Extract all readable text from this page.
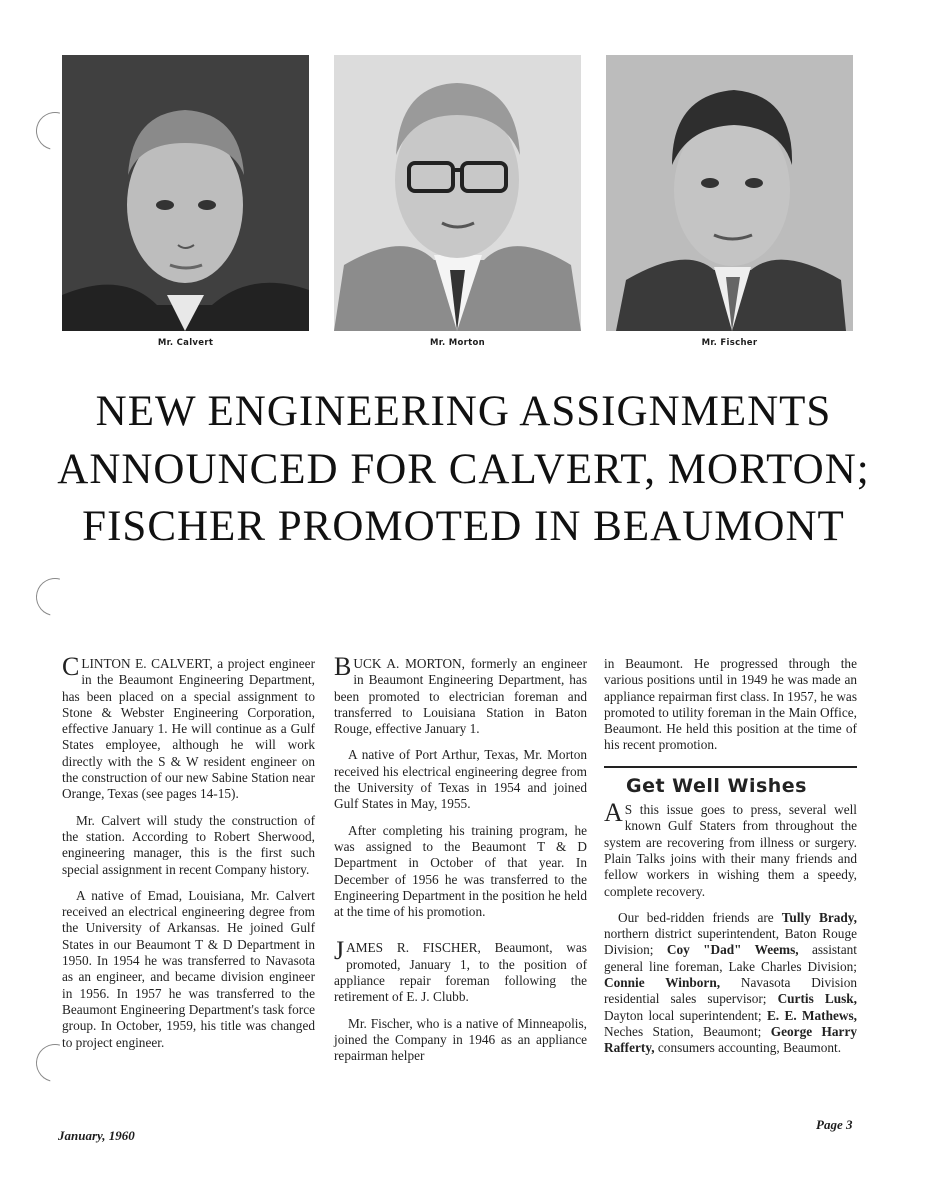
Mr. Calvert	Mr. Morton	Mr. Fischer
NEW ENGINEERING ASSIGNMENTS ANNOUNCED FOR CALVERT, MORTON; FISCHER PROMOTED IN BEAUMONT

CLINTON E. CALVERT, a project engineer in the Beaumont Engineering Department, has been placed on a special assignment to Stone & Webster Engineering Corporation, effective January 1. He will continue as a Gulf States employee, although he will work directly with the S & W resident engineer on the construction of our new Sabine Station near Orange, Texas (see pages 14-15).

Mr. Calvert will study the construction of the station. According to Robert Sherwood, engineering manager, this is the first such special assignment in recent Company history.

A native of Emad, Louisiana, Mr. Calvert received an electrical engineering degree from the University of Arkansas. He joined Gulf States in our Beaumont T & D Department in 1950. In 1954 he was transferred to Navasota as an engineer, and became division engineer in 1956. In 1957 he was transferred to the Beaumont Engineering Department's task force group. In October, 1959, his title was changed to project engineer.

BUCK A. MORTON, formerly an engineer in Beaumont Engineering Department, has been promoted to electrician foreman and transferred to Louisiana Station in Baton Rouge, effective January 1.

A native of Port Arthur, Texas, Mr. Morton received his electrical engineering degree from the University of Texas in 1954 and joined Gulf States in May, 1955.

After completing his training program, he was assigned to the Beaumont T & D Department in October of that year. In December of 1956 he was transferred to the Engineering Department in the position he held at the time of his promotion.

JAMES R. FISCHER, Beaumont, was promoted, January 1, to the position of appliance repair foreman following the retirement of E. J. Clubb.

Mr. Fischer, who is a native of Minneapolis, joined the Company in 1946 as an appliance repairman helper

in Beaumont. He progressed through the various positions until in 1949 he was made an appliance repairman first class. In 1957, he was promoted to utility foreman in the Main Office, Beaumont. He held this position at the time of his recent promotion.

Get Well Wishes

A S this issue goes to press, several well known Gulf Staters from throughout the system are recovering from illness or surgery. Plain Talks joins with their many friends and fellow workers in wishing them a speedy, complete recovery.

Our bed-ridden friends are Tully Brady, northern district superintendent, Baton Rouge Division; Coy "Dad" Weems, assistant general line foreman, Lake Charles Division; Connie Winborn, Navasota Division residential sales supervisor; Curtis Lusk, Dayton local superintendent; E. E. Mathews, Neches Station, Beaumont; George Harry Rafferty, consumers accounting, Beaumont.

January, 1960
Page 3
